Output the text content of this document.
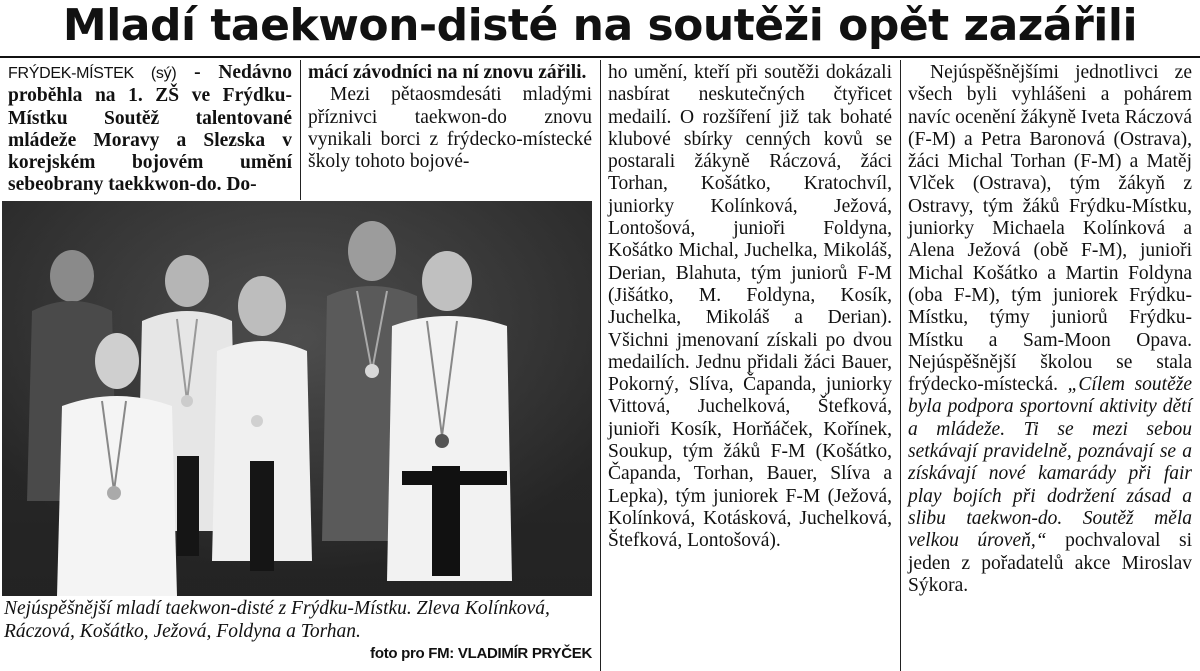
Mladí taekwon-disté na soutěži opět zazářili

FRÝDEK-MÍSTEK (sý) - Nedávno proběhla na 1. ZŠ ve Frýdku-Místku Soutěž talentované mládeže Moravy a Slezska v korejském bojovém umění sebeobrany taekkwon-do. Do-

mácí závodníci na ní znovu zářili.

Mezi pětaosmdesáti mladými příznivci taekwon-do znovu vynikali borci z frýdecko-místecké školy tohoto bojové-

Nejúspěšnější mladí taekwon-disté z Frýdku-Místku. Zleva Kolínková, Ráczová, Košátko, Ježová, Foldyna a Torhan.
foto pro FM: VLADIMÍR PRYČEK

ho umění, kteří při soutěži dokázali nasbírat neskutečných čtyřicet medailí. O rozšíření již tak bohaté klubové sbírky cenných kovů se postarali žákyně Ráczová, žáci Torhan, Košátko, Kratochvíl, juniorky Kolínková, Ježová, Lontošová, junioři Foldyna, Košátko Michal, Juchelka, Mikoláš, Derian, Blahuta, tým juniorů F-M (Jišátko, M. Foldyna, Kosík, Juchelka, Mikoláš a Derian). Všichni jmenovaní získali po dvou medailích. Jednu přidali žáci Bauer, Pokorný, Slíva, Čapanda, juniorky Vittová, Juchelková, Štefková, junioři Kosík, Horňáček, Kořínek, Soukup, tým žáků F-M (Košátko, Čapanda, Torhan, Bauer, Slíva a Lepka), tým juniorek F-M (Ježová, Kolínková, Kotásková, Juchelková, Štefková, Lontošová).

Nejúspěšnějšími jednotlivci ze všech byli vyhlášeni a pohárem navíc ocenění žákyně Iveta Ráczová (F-M) a Petra Baronová (Ostrava), žáci Michal Torhan (F-M) a Matěj Vlček (Ostrava), tým žákyň z Ostravy, tým žáků Frýdku-Místku, juniorky Michaela Kolínková a Alena Ježová (obě F-M), junioři Michal Košátko a Martin Foldyna (oba F-M), tým juniorek Frýdku-Místku, týmy juniorů Frýdku-Místku a Sam-Moon Opava. Nejúspěšnější školou se stala frýdecko-místecká. „Cílem soutěže byla podpora sportovní aktivity dětí a mládeže. Ti se mezi sebou setkávají pravidelně, poznávají se a získávají nové kamarády při fair play bojích při dodržení zásad a slibu taekwon-do. Soutěž měla velkou úroveň,“ pochvaloval si jeden z pořadatelů akce Miroslav Sýkora.
